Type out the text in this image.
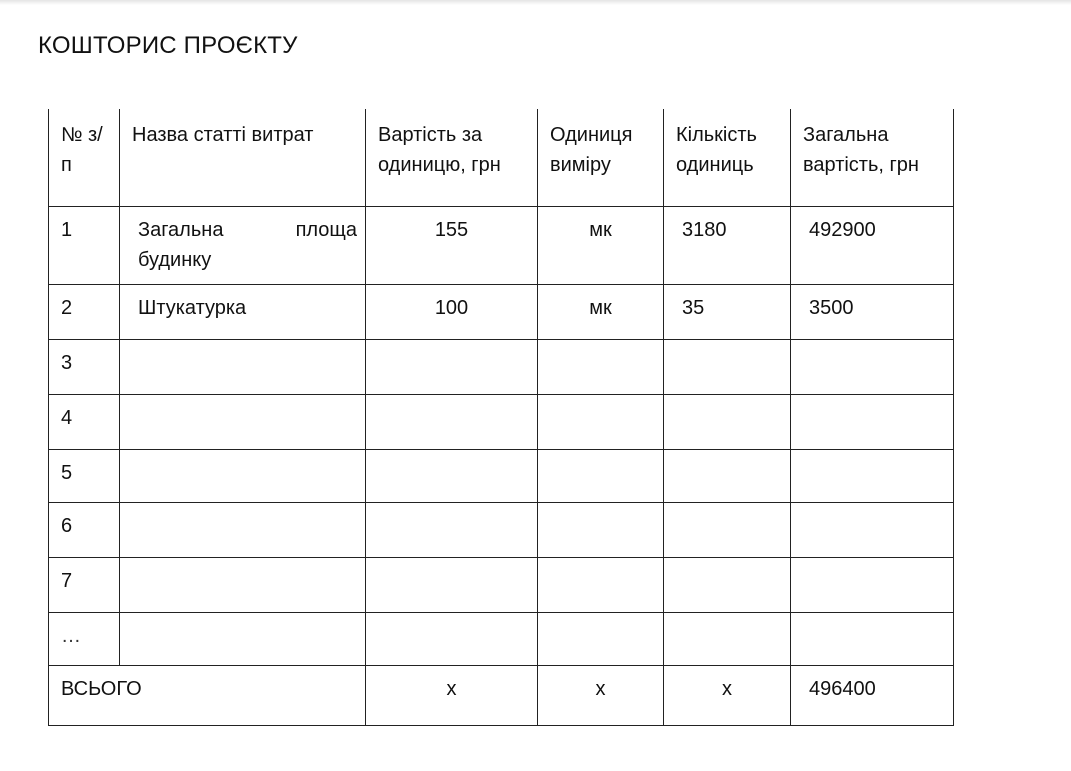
КОШТОРИС ПРОЄКТУ
№ з/п	Назва статті витрат	Вартість за одиницю, грн	Одиниця виміру	Кількість одиниць	Загальна вартість, грн
1	Загальна площа будинку	155	мк	3180	492900
2	Штукатурка	100	мк	35	3500
3					
4					
5					
6					
7					
…					
ВСЬОГО		х	х	х	496400
